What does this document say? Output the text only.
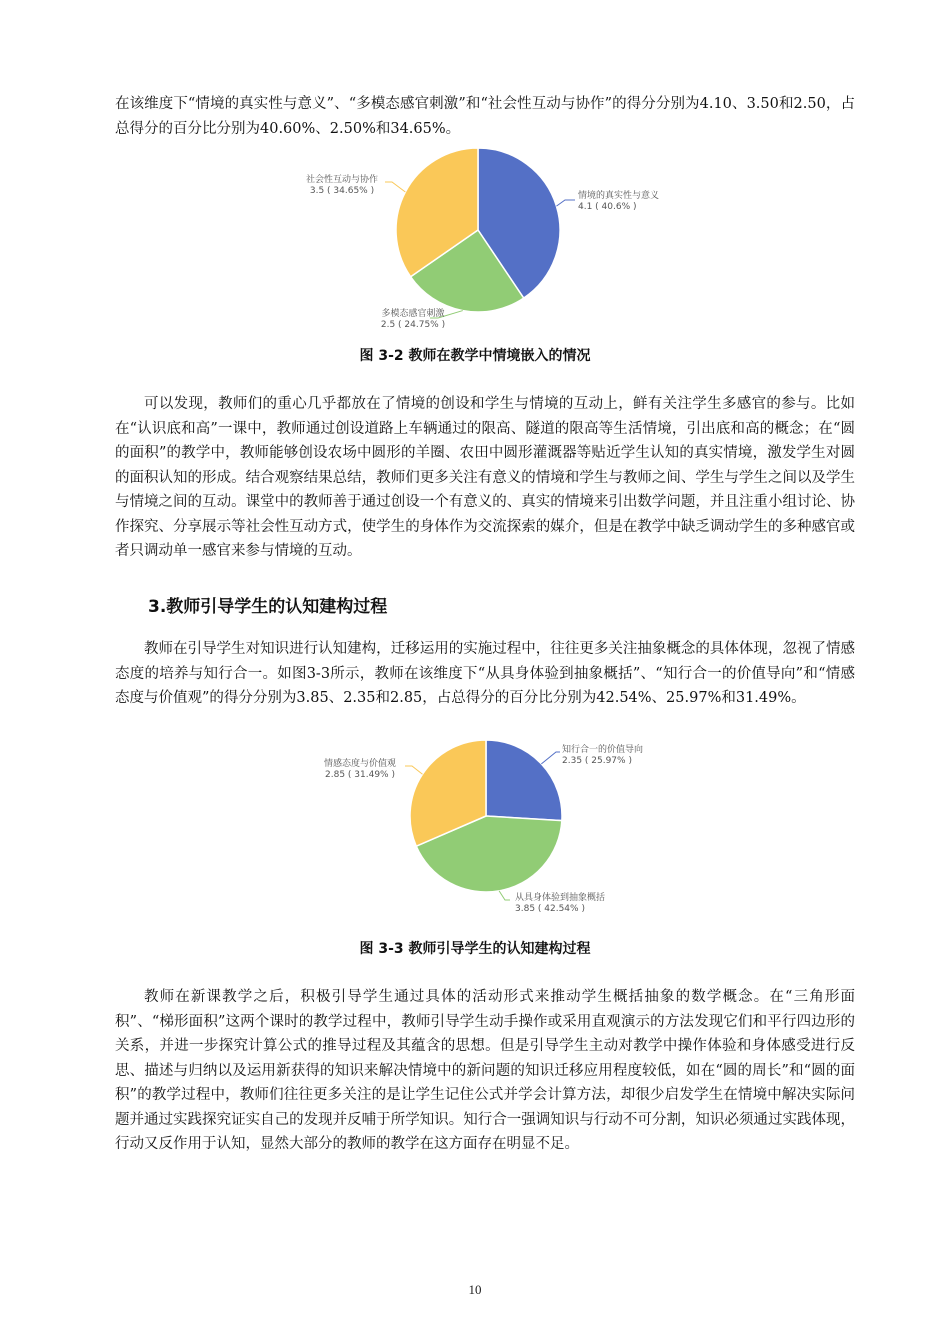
在该维度下“情境的真实性与意义”、“多模态感官刺激”和“社会性互动与协作”的得分分别为4.10、3.50和2.50，占总得分的百分比分别为40.60%、2.50%和34.65%。

情境的真实性与意义
4.1 ( 40.6% )
多模态感官刺激
2.5 ( 24.75% )
社会性互动与协作
3.5 ( 34.65% )
图 3-2 教师在教学中情境嵌入的情况

可以发现，教师们的重心几乎都放在了情境的创设和学生与情境的互动上，鲜有关注学生多感官的参与。比如在“认识底和高”一课中，教师通过创设道路上车辆通过的限高、隧道的限高等生活情境，引出底和高的概念；在“圆的面积”的教学中，教师能够创设农场中圆形的羊圈、农田中圆形灌溉器等贴近学生认知的真实情境，激发学生对圆的面积认知的形成。结合观察结果总结，教师们更多关注有意义的情境和学生与教师之间、学生与学生之间以及学生与情境之间的互动。课堂中的教师善于通过创设一个有意义的、真实的情境来引出数学问题，并且注重小组讨论、协作探究、分享展示等社会性互动方式，使学生的身体作为交流探索的媒介，但是在教学中缺乏调动学生的多种感官或者只调动单一感官来参与情境的互动。

3.教师引导学生的认知建构过程

教师在引导学生对知识进行认知建构，迁移运用的实施过程中，往往更多关注抽象概念的具体体现，忽视了情感态度的培养与知行合一。如图3-3所示，教师在该维度下“从具身体验到抽象概括”、“知行合一的价值导向”和“情感态度与价值观”的得分分别为3.85、2.35和2.85，占总得分的百分比分别为42.54%、25.97%和31.49%。

知行合一的价值导向
2.35 ( 25.97% )
从具身体验到抽象概括
3.85 ( 42.54% )
情感态度与价值观
2.85 ( 31.49% )
图 3-3 教师引导学生的认知建构过程

教师在新课教学之后，积极引导学生通过具体的活动形式来推动学生概括抽象的数学概念。在“三角形面积”、“梯形面积”这两个课时的教学过程中，教师引导学生动手操作或采用直观演示的方法发现它们和平行四边形的关系，并进一步探究计算公式的推导过程及其蕴含的思想。但是引导学生主动对教学中操作体验和身体感受进行反思、描述与归纳以及运用新获得的知识来解决情境中的新问题的知识迁移应用程度较低，如在“圆的周长”和“圆的面积”的教学过程中，教师们往往更多关注的是让学生记住公式并学会计算方法，却很少启发学生在情境中解决实际问题并通过实践探究证实自己的发现并反哺于所学知识。知行合一强调知识与行动不可分割，知识必须通过实践体现，行动又反作用于认知，显然大部分的教师的教学在这方面存在明显不足。

10
